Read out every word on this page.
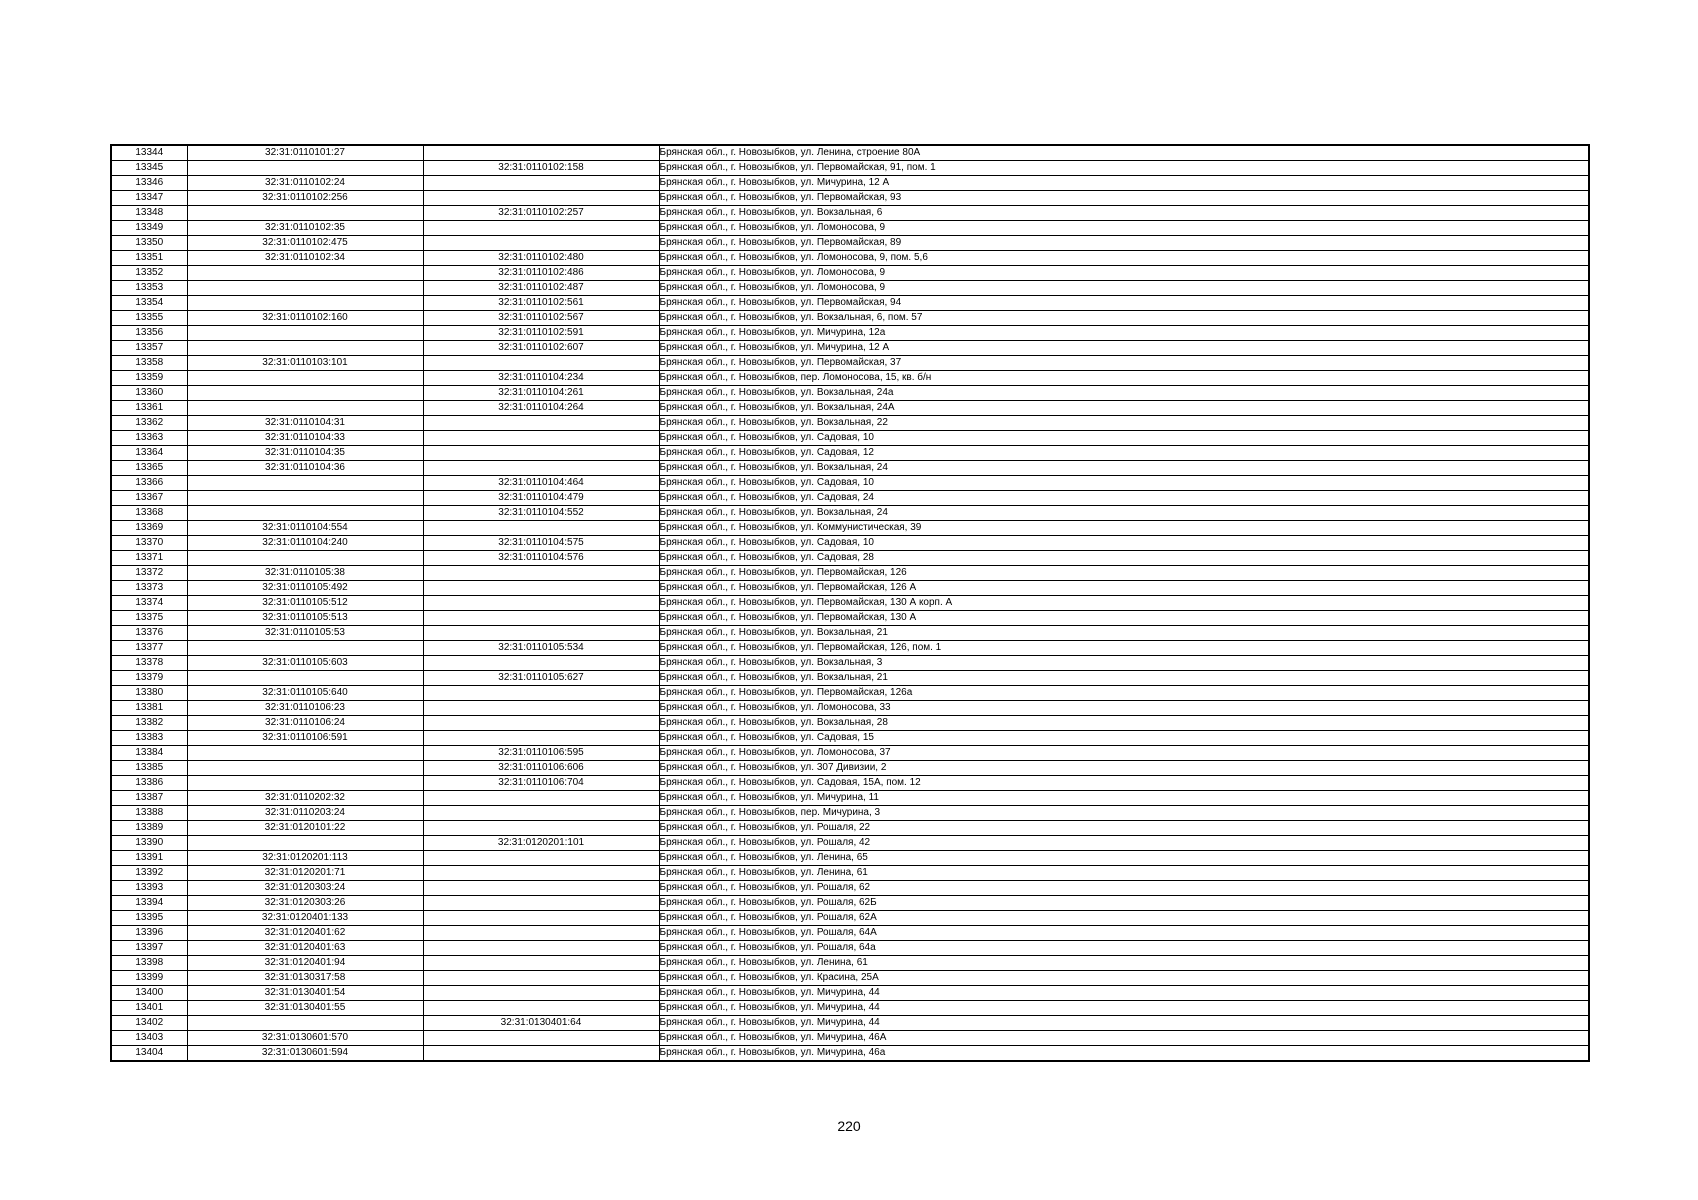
13344	32:31:0110101:27		Брянская обл., г. Новозыбков, ул. Ленина, строение 80А
13345		32:31:0110102:158	Брянская обл., г. Новозыбков, ул. Первомайская, 91, пом. 1
13346	32:31:0110102:24		Брянская обл., г. Новозыбков, ул. Мичурина, 12 А
13347	32:31:0110102:256		Брянская обл., г. Новозыбков, ул. Первомайская, 93
13348		32:31:0110102:257	Брянская обл., г. Новозыбков, ул. Вокзальная, 6
13349	32:31:0110102:35		Брянская обл., г. Новозыбков, ул. Ломоносова, 9
13350	32:31:0110102:475		Брянская обл., г. Новозыбков, ул. Первомайская, 89
13351	32:31:0110102:34	32:31:0110102:480	Брянская обл., г. Новозыбков, ул. Ломоносова, 9, пом. 5,6
13352		32:31:0110102:486	Брянская обл., г. Новозыбков, ул. Ломоносова, 9
13353		32:31:0110102:487	Брянская обл., г. Новозыбков, ул. Ломоносова, 9
13354		32:31:0110102:561	Брянская обл., г. Новозыбков, ул. Первомайская, 94
13355	32:31:0110102:160	32:31:0110102:567	Брянская обл., г. Новозыбков, ул. Вокзальная, 6, пом. 57
13356		32:31:0110102:591	Брянская обл., г. Новозыбков, ул. Мичурина, 12а
13357		32:31:0110102:607	Брянская обл., г. Новозыбков, ул. Мичурина, 12 А
13358	32:31:0110103:101		Брянская обл., г. Новозыбков, ул. Первомайская, 37
13359		32:31:0110104:234	Брянская обл., г. Новозыбков, пер. Ломоносова, 15, кв. б/н
13360		32:31:0110104:261	Брянская обл., г. Новозыбков, ул. Вокзальная, 24а
13361		32:31:0110104:264	Брянская обл., г. Новозыбков, ул. Вокзальная, 24А
13362	32:31:0110104:31		Брянская обл., г. Новозыбков, ул. Вокзальная, 22
13363	32:31:0110104:33		Брянская обл., г. Новозыбков, ул. Садовая, 10
13364	32:31:0110104:35		Брянская обл., г. Новозыбков, ул. Садовая, 12
13365	32:31:0110104:36		Брянская обл., г. Новозыбков, ул. Вокзальная, 24
13366		32:31:0110104:464	Брянская обл., г. Новозыбков, ул. Садовая, 10
13367		32:31:0110104:479	Брянская обл., г. Новозыбков, ул. Садовая, 24
13368		32:31:0110104:552	Брянская обл., г. Новозыбков, ул. Вокзальная, 24
13369	32:31:0110104:554		Брянская обл., г. Новозыбков, ул. Коммунистическая, 39
13370	32:31:0110104:240	32:31:0110104:575	Брянская обл., г. Новозыбков, ул. Садовая, 10
13371		32:31:0110104:576	Брянская обл., г. Новозыбков, ул. Садовая, 28
13372	32:31:0110105:38		Брянская обл., г. Новозыбков, ул. Первомайская, 126
13373	32:31:0110105:492		Брянская обл., г. Новозыбков, ул. Первомайская, 126 А
13374	32:31:0110105:512		Брянская обл., г. Новозыбков, ул. Первомайская, 130 А корп. А
13375	32:31:0110105:513		Брянская обл., г. Новозыбков, ул. Первомайская, 130 А
13376	32:31:0110105:53		Брянская обл., г. Новозыбков, ул. Вокзальная, 21
13377		32:31:0110105:534	Брянская обл., г. Новозыбков, ул. Первомайская, 126, пом. 1
13378	32:31:0110105:603		Брянская обл., г. Новозыбков, ул. Вокзальная, 3
13379		32:31:0110105:627	Брянская обл., г. Новозыбков, ул. Вокзальная, 21
13380	32:31:0110105:640		Брянская обл., г. Новозыбков, ул. Первомайская, 126а
13381	32:31:0110106:23		Брянская обл., г. Новозыбков, ул. Ломоносова, 33
13382	32:31:0110106:24		Брянская обл., г. Новозыбков, ул. Вокзальная, 28
13383	32:31:0110106:591		Брянская обл., г. Новозыбков, ул. Садовая, 15
13384		32:31:0110106:595	Брянская обл., г. Новозыбков, ул. Ломоносова, 37
13385		32:31:0110106:606	Брянская обл., г. Новозыбков, ул. 307 Дивизии, 2
13386		32:31:0110106:704	Брянская обл., г. Новозыбков, ул. Садовая, 15А, пом. 12
13387	32:31:0110202:32		Брянская обл., г. Новозыбков, ул. Мичурина, 11
13388	32:31:0110203:24		Брянская обл., г. Новозыбков, пер. Мичурина, 3
13389	32:31:0120101:22		Брянская обл., г. Новозыбков, ул. Рошаля, 22
13390		32:31:0120201:101	Брянская обл., г. Новозыбков, ул. Рошаля, 42
13391	32:31:0120201:113		Брянская обл., г. Новозыбков, ул. Ленина, 65
13392	32:31:0120201:71		Брянская обл., г. Новозыбков, ул. Ленина, 61
13393	32:31:0120303:24		Брянская обл., г. Новозыбков, ул. Рошаля, 62
13394	32:31:0120303:26		Брянская обл., г. Новозыбков, ул. Рошаля, 62Б
13395	32:31:0120401:133		Брянская обл., г. Новозыбков, ул. Рошаля, 62А
13396	32:31:0120401:62		Брянская обл., г. Новозыбков, ул. Рошаля, 64А
13397	32:31:0120401:63		Брянская обл., г. Новозыбков, ул. Рошаля, 64а
13398	32:31:0120401:94		Брянская обл., г. Новозыбков, ул. Ленина, 61
13399	32:31:0130317:58		Брянская обл., г. Новозыбков, ул. Красина, 25А
13400	32:31:0130401:54		Брянская обл., г. Новозыбков, ул. Мичурина, 44
13401	32:31:0130401:55		Брянская обл., г. Новозыбков, ул. Мичурина, 44
13402		32:31:0130401:64	Брянская обл., г. Новозыбков, ул. Мичурина, 44
13403	32:31:0130601:570		Брянская обл., г. Новозыбков, ул. Мичурина, 46А
13404	32:31:0130601:594		Брянская обл., г. Новозыбков, ул. Мичурина, 46а
220
